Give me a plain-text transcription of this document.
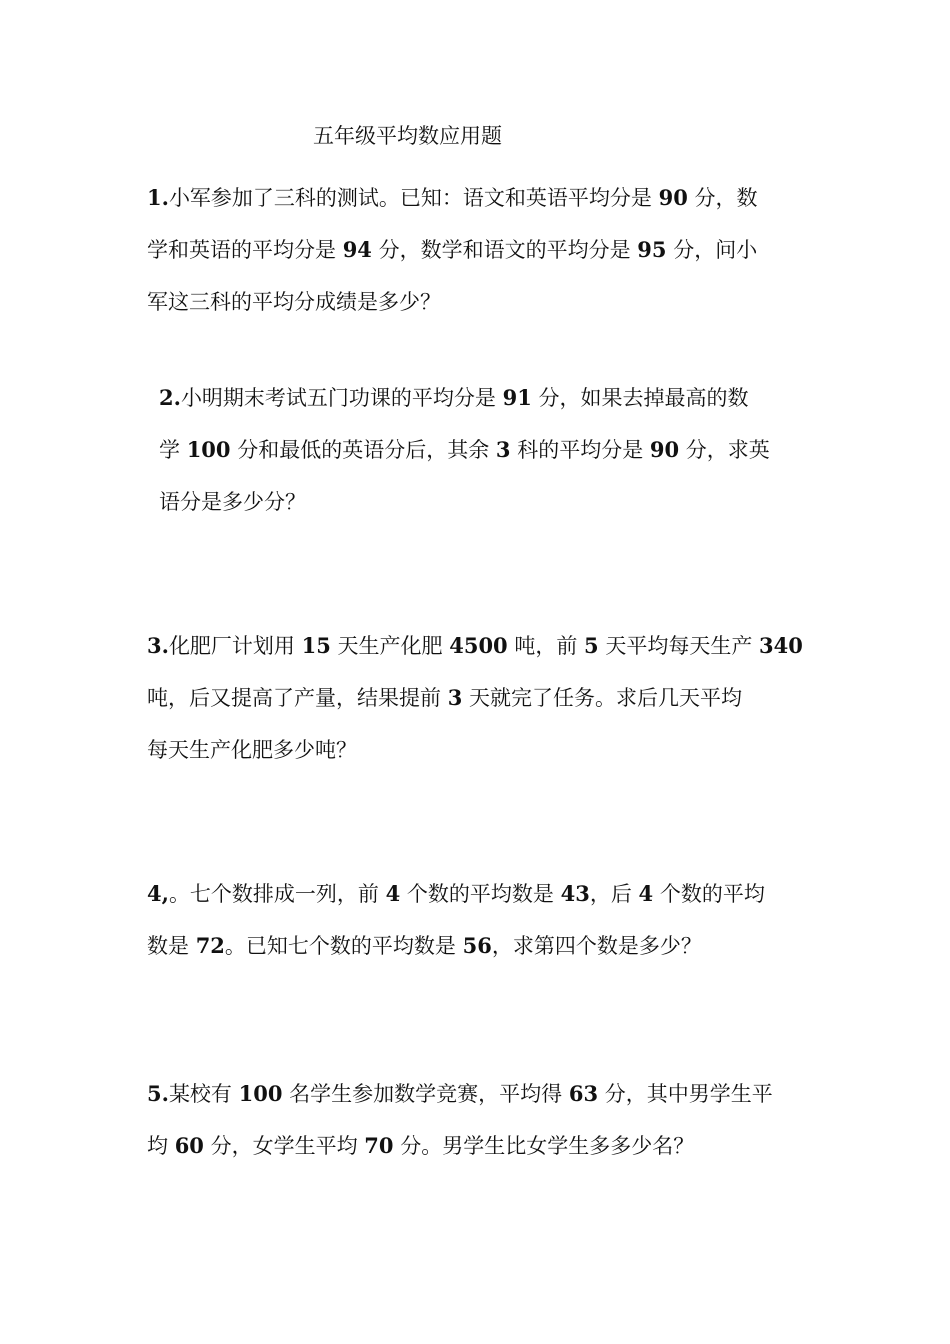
五年级平均数应用题
1.小军参加了三科的测试。已知：语文和英语平均分是 90 分，数
学和英语的平均分是 94 分，数学和语文的平均分是 95 分，问小
军这三科的平均分成绩是多少？
2.小明期末考试五门功课的平均分是 91 分，如果去掉最高的数
学 100 分和最低的英语分后，其余 3 科的平均分是 90 分，求英
语分是多少分？
3.化肥厂计划用 15 天生产化肥 4500 吨，前 5 天平均每天生产 340
吨，后又提高了产量，结果提前 3 天就完了任务。求后几天平均
每天生产化肥多少吨？
4,。七个数排成一列，前 4 个数的平均数是 43，后 4 个数的平均
数是 72。已知七个数的平均数是 56，求第四个数是多少？
5.某校有 100 名学生参加数学竞赛，平均得 63 分，其中男学生平
均 60 分，女学生平均 70 分。男学生比女学生多多少名？
